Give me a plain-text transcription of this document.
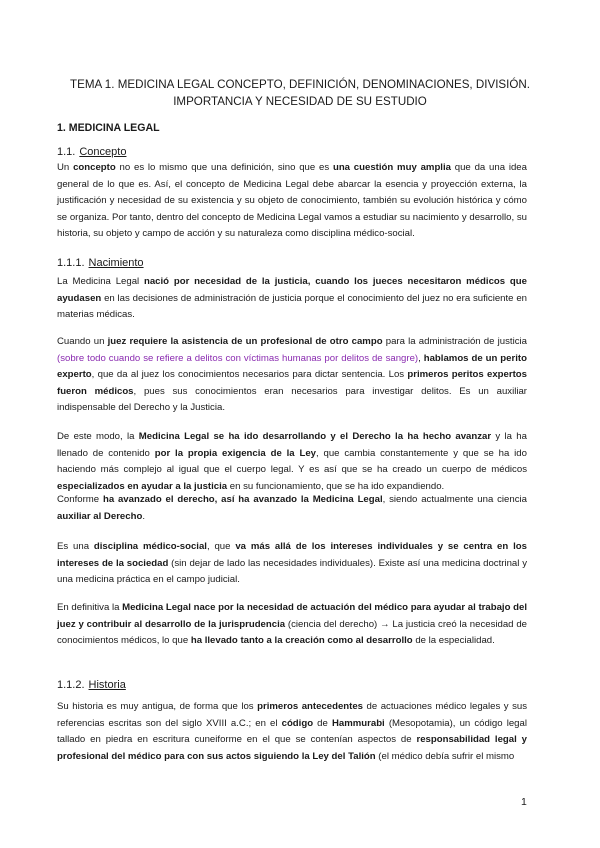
TEMA 1. MEDICINA LEGAL CONCEPTO, DEFINICIÓN, DENOMINACIONES, DIVISIÓN.
IMPORTANCIA Y NECESIDAD DE SU ESTUDIO
1. MEDICINA LEGAL
1.1. Concepto

Un concepto no es lo mismo que una definición, sino que es una cuestión muy amplia que da una idea general de lo que es. Así, el concepto de Medicina Legal debe abarcar la esencia y proyección externa, la justificación y necesidad de su existencia y su objeto de conocimiento, también su evolución histórica y cómo se organiza. Por tanto, dentro del concepto de Medicina Legal vamos a estudiar su nacimiento y desarrollo, su historia, su objeto y campo de acción y su naturaleza como disciplina médico-social.

1.1.1. Nacimiento

La Medicina Legal nació por necesidad de la justicia, cuando los jueces necesitaron médicos que ayudasen en las decisiones de administración de justicia porque el conocimiento del juez no era suficiente en materias médicas.

Cuando un juez requiere la asistencia de un profesional de otro campo para la administración de justicia (sobre todo cuando se refiere a delitos con víctimas humanas por delitos de sangre), hablamos de un perito experto, que da al juez los conocimientos necesarios para dictar sentencia. Los primeros peritos expertos fueron médicos, pues sus conocimientos eran necesarios para investigar delitos. Es un auxiliar indispensable del Derecho y la Justicia.

De este modo, la Medicina Legal se ha ido desarrollando y el Derecho la ha hecho avanzar y la ha llenado de contenido por la propia exigencia de la Ley, que cambia constantemente y que se ha ido haciendo más complejo al igual que el cuerpo legal. Y es así que se ha creado un cuerpo de médicos especializados en ayudar a la justicia en su funcionamiento, que se ha ido expandiendo.

Conforme ha avanzado el derecho, así ha avanzado la Medicina Legal, siendo actualmente una ciencia auxiliar al Derecho.

Es una disciplina médico-social, que va más allá de los intereses individuales y se centra en los intereses de la sociedad (sin dejar de lado las necesidades individuales). Existe así una medicina doctrinal y una medicina práctica en el campo judicial.

En definitiva la Medicina Legal nace por la necesidad de actuación del médico para ayudar al trabajo del juez y contribuir al desarrollo de la jurisprudencia (ciencia del derecho) → La justicia creó la necesidad de conocimientos médicos, lo que ha llevado tanto a la creación como al desarrollo de la especialidad.

1.1.2. Historia

Su historia es muy antigua, de forma que los primeros antecedentes de actuaciones médico legales y sus referencias escritas son del siglo XVIII a.C.; en el código de Hammurabi (Mesopotamia), un código legal tallado en piedra en escritura cuneiforme en el que se contenían aspectos de responsabilidad legal y profesional del médico para con sus actos siguiendo la Ley del Talión (el médico debía sufrir el mismo

1
